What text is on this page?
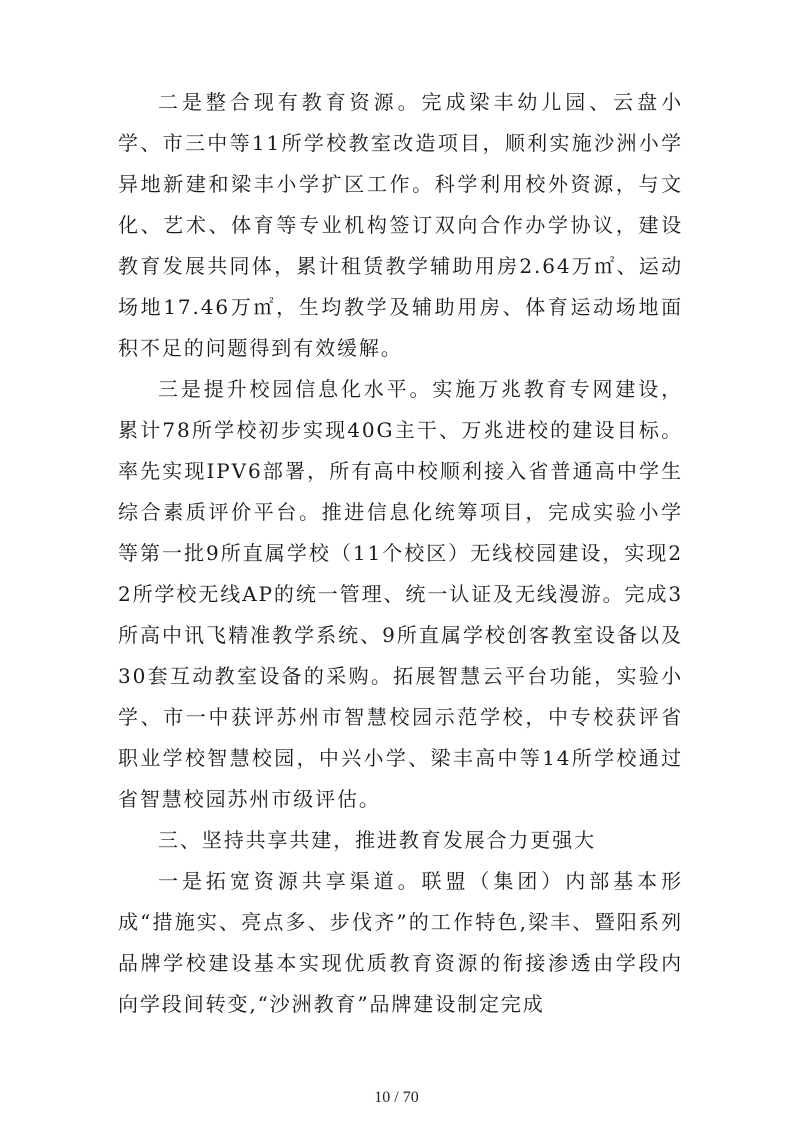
二是整合现有教育资源。完成梁丰幼儿园、云盘小学、市三中等11所学校教室改造项目，顺利实施沙洲小学异地新建和梁丰小学扩区工作。科学利用校外资源，与文化、艺术、体育等专业机构签订双向合作办学协议，建设教育发展共同体，累计租赁教学辅助用房2.64万㎡、运动场地17.46万㎡，生均教学及辅助用房、体育运动场地面积不足的问题得到有效缓解。

三是提升校园信息化水平。实施万兆教育专网建设，累计78所学校初步实现40G主干、万兆进校的建设目标。率先实现IPV6部署，所有高中校顺利接入省普通高中学生综合素质评价平台。推进信息化统筹项目，完成实验小学等第一批9所直属学校（11个校区）无线校园建设，实现22所学校无线AP的统一管理、统一认证及无线漫游。完成3所高中讯飞精准教学系统、9所直属学校创客教室设备以及30套互动教室设备的采购。拓展智慧云平台功能，实验小学、市一中获评苏州市智慧校园示范学校，中专校获评省职业学校智慧校园，中兴小学、梁丰高中等14所学校通过省智慧校园苏州市级评估。

三、坚持共享共建，推进教育发展合力更强大

一是拓宽资源共享渠道。联盟（集团）内部基本形成“措施实、亮点多、步伐齐”的工作特色,梁丰、暨阳系列品牌学校建设基本实现优质教育资源的衔接渗透由学段内向学段间转变,“沙洲教育”品牌建设制定完成

10 / 70
